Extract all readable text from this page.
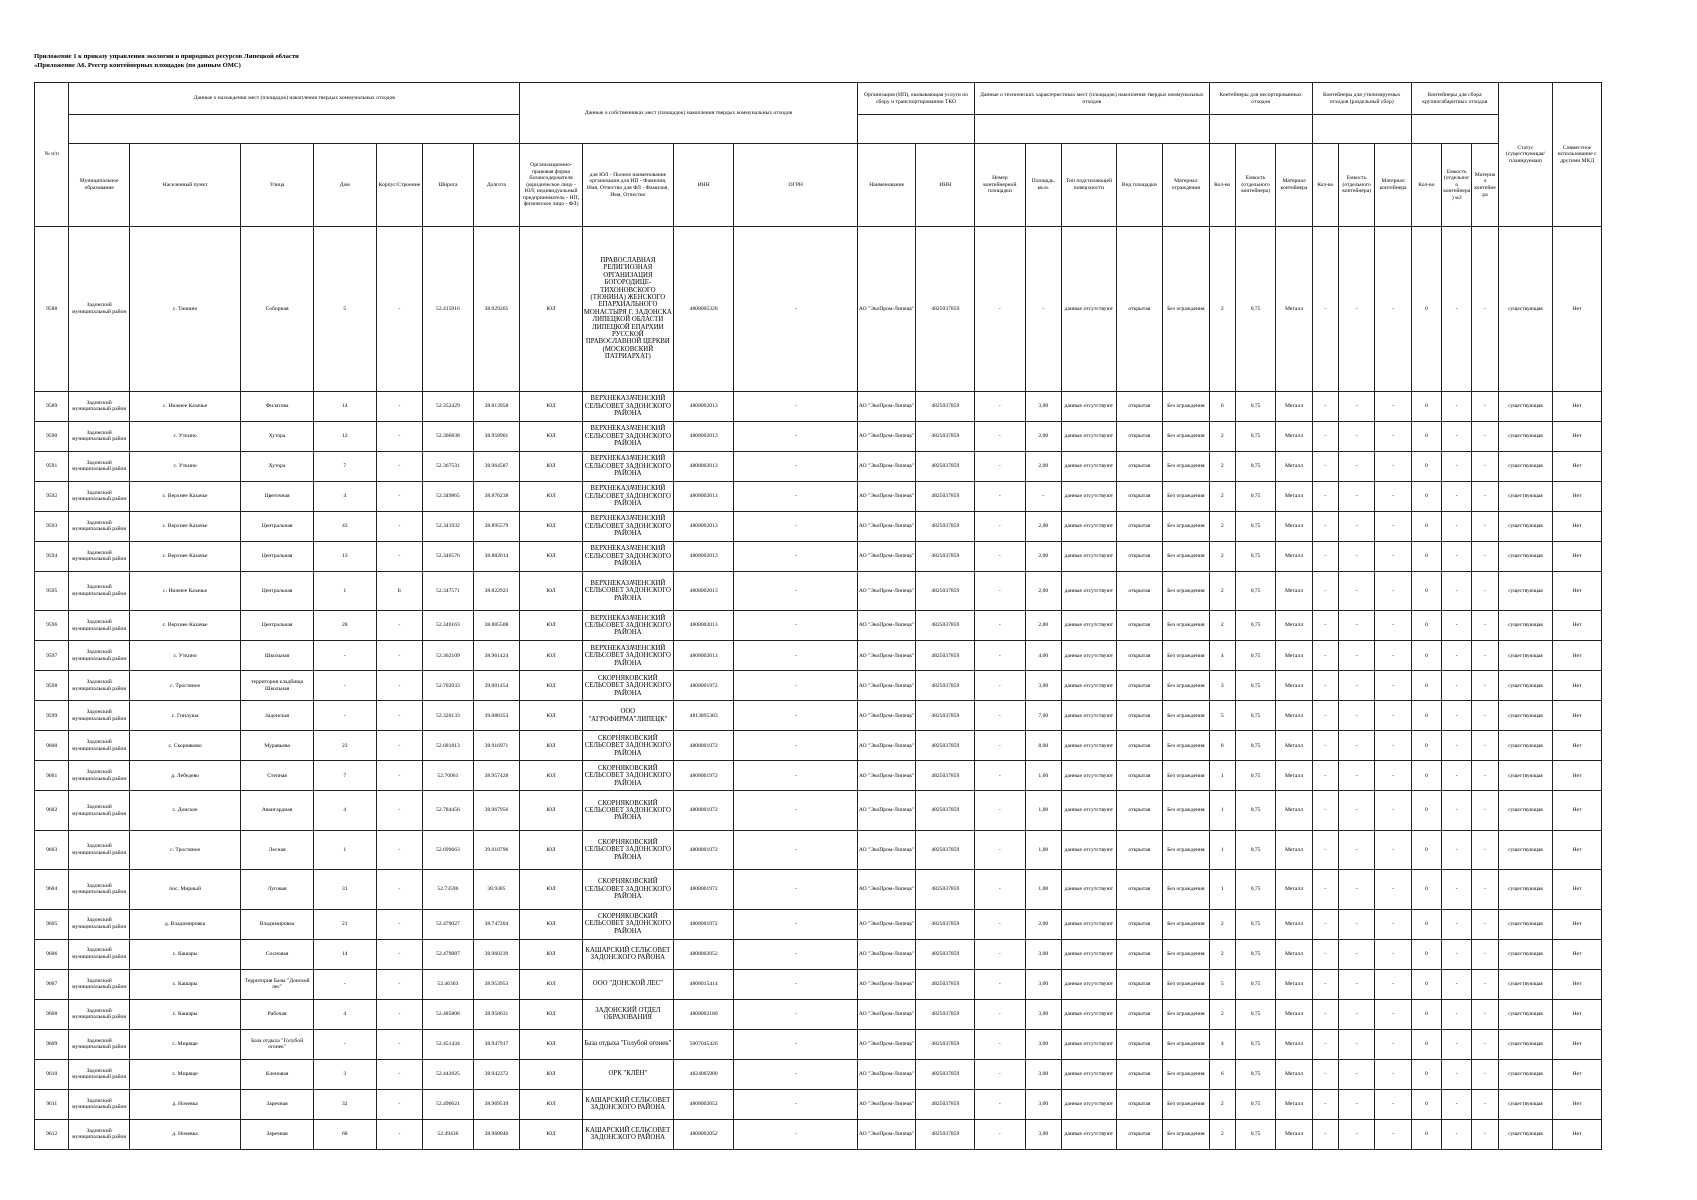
Приложение 1 к приказу управления экологии и природных ресурсов Липецкой области
«Приложение А6. Реестр контейнерных площадок (по данным ОМС)
№ п/п	Данные о нахождении мест (площадок) накопления твердых коммунальных отходов							Данные о собственниках мест (площадок) накопления твердых коммунальных отходов				Организация (ИП), оказывающая услуги по сбору и транспортированию ТКО		Данные о технических характеристиках мест (площадок) накопления твердых коммунальных отходов					Контейнеры для несортированных отходов			Контейнеры для утилизируемых отходов (раздельный сбор)			Контейнеры для сбора крупногабаритных отходов			Статус (существующая/планируемая)	Совместное использование с другими МКД

	Муниципальное образование	Населенный пункт	Улица	Дом	Корпус/Строение	Широта	Долгота	Организационно-правовая форма балансодержателя (юридическое лицо - ЮЛ; индивидуальный предприниматель - ИП; физическое лицо - ФЛ)	для ЮЛ - Полное наименование организации для ИП - Фамилия, Имя, Отчество для ФЛ - Фамилия, Имя, Отчество	ИНН	ОГРН	Наименование	ИНН	Номер контейнерной площадки	Площадь, кв.м.	Тип подстилающей поверхности	Вид площадки	Материал ограждения	Кол-во	Емкость (отдельного контейнера)	Материал контейнера	Кол-во	Емкость (отдельного контейнера)	Материал контейнера	Кол-во	Емкость (отдельного контейнера) м3	Материал контейнера		
9588	Задонский муниципальный район	с. Тюнино	Соборная	5	-	52.415916	38.929265	ЮЛ	ПРАВОСЛАВНАЯ РЕЛИГИОЗНАЯ ОРГАНИЗАЦИЯ БОГОРОДИЦЕ-ТИХОНОВСКОГО (ТЮНИНА) ЖЕНСКОГО ЕПАРХИАЛЬНОГО МОНАСТЫРЯ Г. ЗАДОНСКА ЛИПЕЦКОЙ ОБЛАСТИ ЛИПЕЦКОЙ ЕПАРХИИ РУССКОЙ ПРАВОСЛАВНОЙ ЦЕРКВИ (МОСКОВСКИЙ ПАТРИАРХАТ)	4808005328	-	АО "ЭкоПром-Липецк"	4825037859	-	-	данные отсутствуют	открытая	Без ограждения	2	0,75	Металл	-	-	-	0	-	-	существующая	Нет
9589	Задонский муниципальный район	с. Нижнее Казачье	Филатова	14	-	52.352429	38.813958	ЮЛ	ВЕРХНЕКАЗАЧЕНСКИЙ СЕЛЬСОВЕТ ЗАДОНСКОГО РАЙОНА	4808002013	-	АО "ЭкоПром-Липецк"	4825037859	-	3,00	данные отсутствуют	открытая	Без ограждения	6	0,75	Металл	-	-	-	0	-	-	существующая	Нет
9590	Задонский муниципальный район	с. Уткино	Хутора	12	-	52.366838	38.958901	ЮЛ	ВЕРХНЕКАЗАЧЕНСКИЙ СЕЛЬСОВЕТ ЗАДОНСКОГО РАЙОНА	4808002013	-	АО "ЭкоПром-Липецк"	4825037859	-	2,00	данные отсутствуют	открытая	Без ограждения	2	0,75	Металл	-	-	-	0	-	-	существующая	Нет
9591	Задонский муниципальный район	с. Уткино	Хутора	7	-	52.367531	38.964587	ЮЛ	ВЕРХНЕКАЗАЧЕНСКИЙ СЕЛЬСОВЕТ ЗАДОНСКОГО РАЙОНА	4808002013	-	АО "ЭкоПром-Липецк"	4825037859	-	2,00	данные отсутствуют	открытая	Без ограждения	2	0,75	Металл	-	-	-	0	-	-	существующая	Нет
9592	Задонский муниципальный район	с. Верхнее Казачье	Цветочная	4	-	52.349865	38.876238	ЮЛ	ВЕРХНЕКАЗАЧЕНСКИЙ СЕЛЬСОВЕТ ЗАДОНСКОГО РАЙОНА	4808002013	-	АО "ЭкоПром-Липецк"	4825037859	-	-	данные отсутствуют	открытая	Без ограждения	2	0,75	Металл	-	-	-	0	-	-	существующая	Нет
9593	Задонский муниципальный район	с. Верхнее Казачье	Центральная	43	-	52.341932	38.895579	ЮЛ	ВЕРХНЕКАЗАЧЕНСКИЙ СЕЛЬСОВЕТ ЗАДОНСКОГО РАЙОНА	4808002013	-	АО "ЭкоПром-Липецк"	4825037859	-	2,00	данные отсутствуют	открытая	Без ограждения	2	0,75	Металл	-	-	-	0	-	-	существующая	Нет
9594	Задонский муниципальный район	с. Верхнее Казачье	Центральная	13	-	52.346576	38.882014	ЮЛ	ВЕРХНЕКАЗАЧЕНСКИЙ СЕЛЬСОВЕТ ЗАДОНСКОГО РАЙОНА	4808002013	-	АО "ЭкоПром-Липецк"	4825037859	-	2,00	данные отсутствуют	открытая	Без ограждения	2	0,75	Металл	-	-	-	0	-	-	существующая	Нет
9595	Задонский муниципальный район	с. Нижнее Казачье	Центральная	1	Б	52.347571	38.822923	ЮЛ	ВЕРХНЕКАЗАЧЕНСКИЙ СЕЛЬСОВЕТ ЗАДОНСКОГО РАЙОНА	4808002013	-	АО "ЭкоПром-Липецк"	4825037859	-	2,00	данные отсутствуют	открытая	Без ограждения	2	0,75	Металл	-	-	-	0	-	-	существующая	Нет
9596	Задонский муниципальный район	с. Верхнее Казачье	Центральная	28	-	52.346163	38.885508	ЮЛ	ВЕРХНЕКАЗАЧЕНСКИЙ СЕЛЬСОВЕТ ЗАДОНСКОГО РАЙОНА	4808002013	-	АО "ЭкоПром-Липецк"	4825037859	-	2,00	данные отсутствуют	открытая	Без ограждения	2	0,75	Металл	-	-	-	0	-	-	существующая	Нет
9597	Задонский муниципальный район	с. Уткино	Школьная	-	-	52.362109	38.961424	ЮЛ	ВЕРХНЕКАЗАЧЕНСКИЙ СЕЛЬСОВЕТ ЗАДОНСКОГО РАЙОНА	4808002013	-	АО "ЭкоПром-Липецк"	4825037859	-	4,00	данные отсутствуют	открытая	Без ограждения	4	0,75	Металл	-	-	-	0	-	-	существующая	Нет
9598	Задонский муниципальный район	с. Тростяное	территория кладбища Школьная	-	-	52.702033	39.001454	ЮЛ	СКОРНЯКОВСКИЙ СЕЛЬСОВЕТ ЗАДОНСКОГО РАЙОНА	4808001972	-	АО "ЭкоПром-Липецк"	4825037859	-	3,00	данные отсутствуют	открытая	Без ограждения	3	0,75	Металл	-	-	-	0	-	-	существующая	Нет
9599	Задонский муниципальный район	с. Гнилуша	Задонская	-	-	52.326133	39.088353	ЮЛ	ООО "АГРОФИРМА"ЛИПЕЦК"	4813895383	-	АО "ЭкоПром-Липецк"	4825037859	-	7,00	данные отсутствуют	открытая	Без ограждения	5	0,75	Металл	-	-	-	0	-	-	существующая	Нет
9600	Задонский муниципальный район	с. Скорняково	Муравьева	23	-	52.681813	38.916971	ЮЛ	СКОРНЯКОВСКИЙ СЕЛЬСОВЕТ ЗАДОНСКОГО РАЙОНА	4808001972	-	АО "ЭкоПром-Липецк"	4825037859	-	8,00	данные отсутствуют	открытая	Без ограждения	8	0,75	Металл	-	-	-	0	-	-	существующая	Нет
9601	Задонский муниципальный район	д. Лебедево	Степная	7	-	52.76061	38.957428	ЮЛ	СКОРНЯКОВСКИЙ СЕЛЬСОВЕТ ЗАДОНСКОГО РАЙОНА	4808001972	-	АО "ЭкоПром-Липецк"	4825037859	-	1,00	данные отсутствуют	открытая	Без ограждения	1	0,75	Металл	-	-	-	0	-	-	существующая	Нет
9602	Задонский муниципальный район	с. Донское	Авангардная	4	-	52.784456	38.967956	ЮЛ	СКОРНЯКОВСКИЙ СЕЛЬСОВЕТ ЗАДОНСКОГО РАЙОНА	4808001972	-	АО "ЭкоПром-Липецк"	4825037859	-	1,00	данные отсутствуют	открытая	Без ограждения	1	0,75	Металл	-	-	-	0	-	-	существующая	Нет
9603	Задонский муниципальный район	с. Тростяное	Лесная	1	-	52.699663	39.010796	ЮЛ	СКОРНЯКОВСКИЙ СЕЛЬСОВЕТ ЗАДОНСКОГО РАЙОНА	4808001972	-	АО "ЭкоПром-Липецк"	4825037859	-	1,00	данные отсутствуют	открытая	Без ограждения	1	0,75	Металл	-	-	-	0	-	-	существующая	Нет
9604	Задонский муниципальный район	пос. Мирный	Луговая	31	-	52.73596	38.9385	ЮЛ	СКОРНЯКОВСКИЙ СЕЛЬСОВЕТ ЗАДОНСКОГО РАЙОНА	4808001972	-	АО "ЭкоПром-Липецк"	4825037859	-	1,00	данные отсутствуют	открытая	Без ограждения	1	0,75	Металл	-	-	-	0	-	-	существующая	Нет
9605	Задонский муниципальный район	д. Владимировка	Владимировка	21	-	52.479027	38.747204	ЮЛ	СКОРНЯКОВСКИЙ СЕЛЬСОВЕТ ЗАДОНСКОГО РАЙОНА	4808001972	-	АО "ЭкоПром-Липецк"	4825037859	-	2,00	данные отсутствуют	открытая	Без ограждения	2	0,75	Металл	-	-	-	0	-	-	существующая	Нет
9606	Задонский муниципальный район	с. Кашары	Сосновая	14	-	52.479087	38.960239	ЮЛ	КАШАРСКИЙ СЕЛЬСОВЕТ ЗАДОНСКОГО РАЙОНА	4808002052	-	АО "ЭкоПром-Липецк"	4825037859	-	3,00	данные отсутствуют	открытая	Без ограждения	2	0,75	Металл	-	-	-	0	-	-	существующая	Нет
9607	Задонский муниципальный район	с. Кашары	Территория Базы "Донской лес"	-	-	52.46303	38.953953	ЮЛ	ООО "ДОНСКОЙ ЛЕС"	4808015414	-	АО "ЭкоПром-Липецк"	4825037859	-	3,00	данные отсутствуют	открытая	Без ограждения	5	0,75	Металл	-	-	-	0	-	-	существующая	Нет
9608	Задонский муниципальный район	с. Кашары	Рабочая	4	-	52.485808	38.958631	ЮЛ	ЗАДОНСКИЙ ОТДЕЛ ОБРАЗОВАНИЯ	4808002180	-	АО "ЭкоПром-Липецк"	4825037859	-	3,00	данные отсутствуют	открытая	Без ограждения	2	0,75	Металл	-	-	-	0	-	-	существующая	Нет
9609	Задонский муниципальный район	с. Миряще	База отдыха "Голубой огонек"	-	-	52.451434	38.947917	ЮЛ	База отдыха "Голубой огонек"	5007045426	-	АО "ЭкоПром-Липецк"	4825037859	-	3,00	данные отсутствуют	открытая	Без ограждения	4	0,75	Металл	-	-	-	0	-	-	существующая	Нет
9610	Задонский муниципальный район	с. Миряще	Кленовая	3	-	52.442625	38.942372	ЮЛ	ОРК "КЛЁН"	4824065980	-	АО "ЭкоПром-Липецк"	4825037859	-	3,00	данные отсутствуют	открытая	Без ограждения	6	0,75	Металл	-	-	-	0	-	-	существующая	Нет
9611	Задонский муниципальный район	д. Ночевка	Заречная	32	-	52.490621	38.969519	ЮЛ	КАШАРСКИЙ СЕЛЬСОВЕТ ЗАДОНСКОГО РАЙОНА	4808002052	-	АО "ЭкоПром-Липецк"	4825037859	-	3,00	данные отсутствуют	открытая	Без ограждения	2	0,75	Металл	-	-	-	0	-	-	существующая	Нет
9612	Задонский муниципальный район	д. Ночевка	Заречная	68	-	52.49436	38.968046	ЮЛ	КАШАРСКИЙ СЕЛЬСОВЕТ ЗАДОНСКОГО РАЙОНА	4808002052	-	АО "ЭкоПром-Липецк"	4825037859	-	3,00	данные отсутствуют	открытая	Без ограждения	2	0,75	Металл	-	-	-	0	-	-	существующая	Нет
